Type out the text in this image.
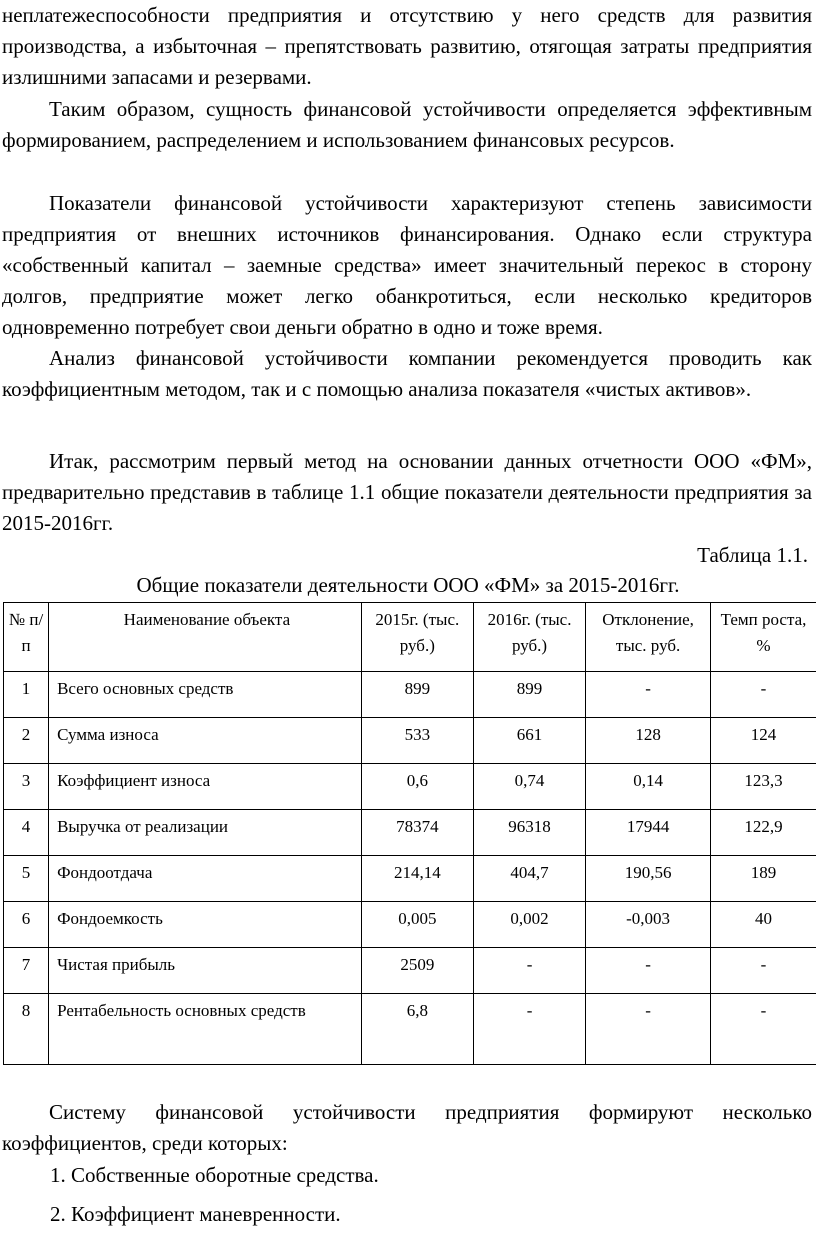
неплатежеспособности предприятия и отсутствию у него средств для развития производства, а избыточная – препятствовать развитию, отягощая затраты предприятия излишними запасами и резервами.

Таким образом, сущность финансовой устойчивости определяется эффективным формированием, распределением и использованием финансовых ресурсов.

Показатели финансовой устойчивости характеризуют степень зависимости предприятия от внешних источников финансирования. Однако если структура «собственный капитал – заемные средства» имеет значительный перекос в сторону долгов, предприятие может легко обанкротиться, если несколько кредиторов одновременно потребует свои деньги обратно в одно и тоже время.

Анализ финансовой устойчивости компании рекомендуется проводить как коэффициентным методом, так и с помощью анализа показателя «чистых активов».

Итак, рассмотрим первый метод на основании данных отчетности ООО «ФМ», предварительно представив в таблице 1.1 общие показатели деятельности предприятия за 2015-2016гг.

Таблица 1.1.

Общие показатели деятельности ООО «ФМ» за 2015-2016гг.

№ п/п	Наименование объекта	2015г. (тыс. руб.)	2016г. (тыс. руб.)	Отклонение, тыс. руб.	Темп роста, %
1	Всего основных средств	899	899	-	-
2	Сумма износа	533	661	128	124
3	Коэффициент износа	0,6	0,74	0,14	123,3
4	Выручка от реализации	78374	96318	17944	122,9
5	Фондоотдача	214,14	404,7	190,56	189
6	Фондоемкость	0,005	0,002	-0,003	40
7	Чистая прибыль	2509	-	-	-
8	Рентабельность основных средств	6,8	-	-	-

Систему финансовой устойчивости предприятия формируют несколько коэффициентов, среди которых:

1. Собственные оборотные средства.
2. Коэффициент маневренности.
